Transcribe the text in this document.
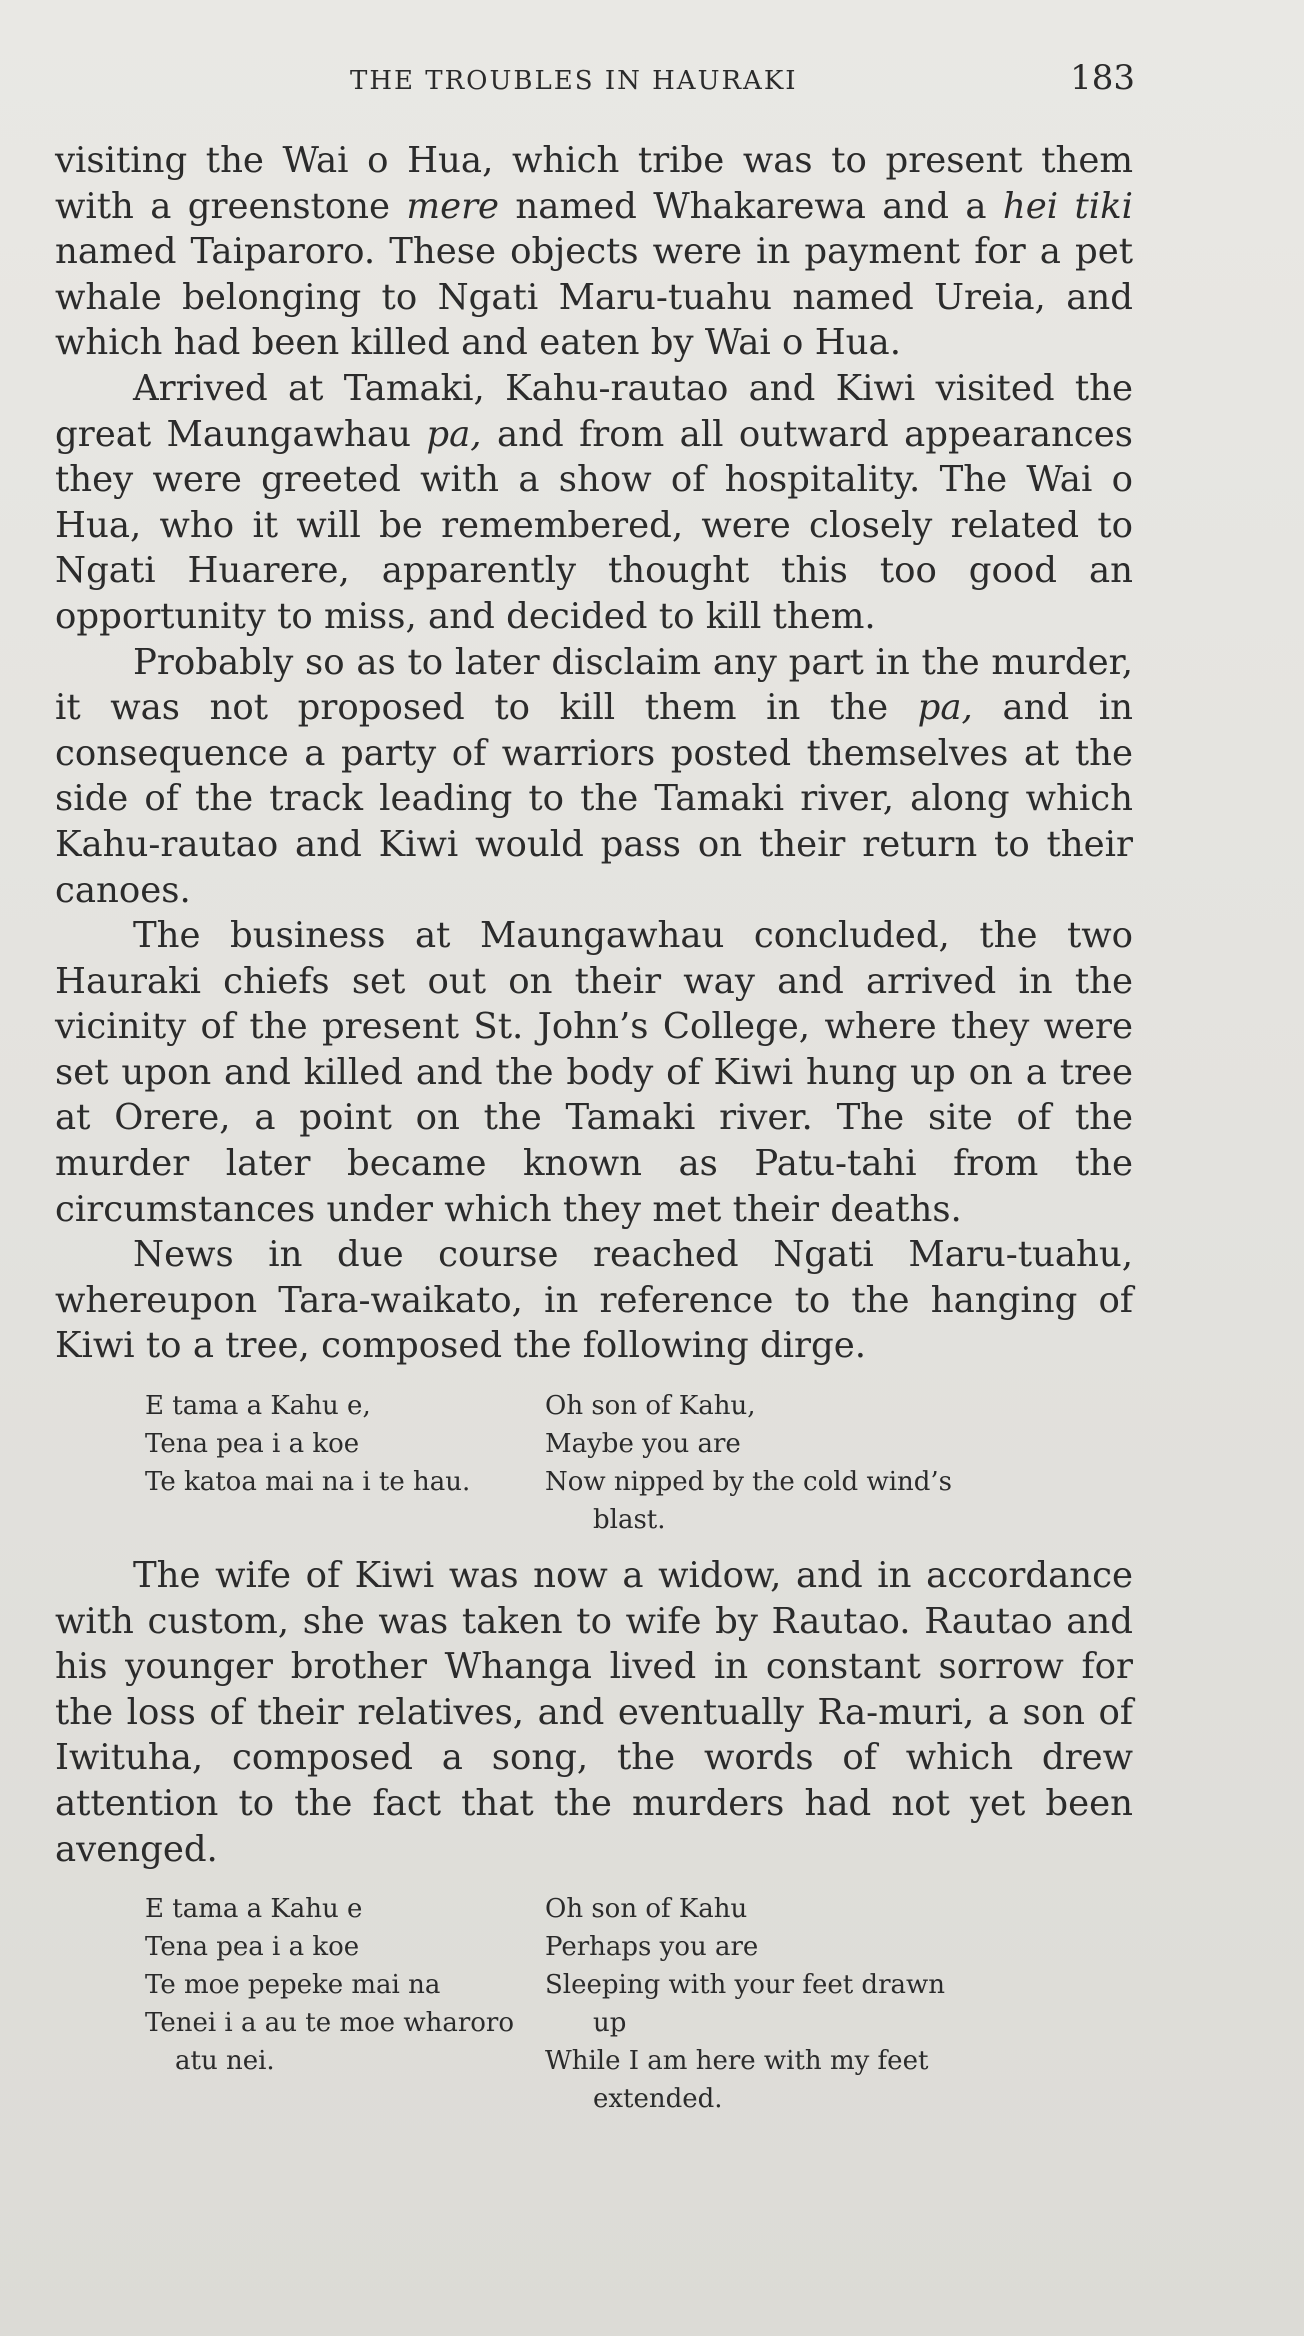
THE TROUBLES IN HAURAKI	183

visiting the Wai o Hua, which tribe was to present them with a greenstone mere named Whakarewa and a hei tiki named Taiparoro. These objects were in payment for a pet whale belonging to Ngati Maru-tuahu named Ureia, and which had been killed and eaten by Wai o Hua.

Arrived at Tamaki, Kahu-rautao and Kiwi visited the great Maungawhau pa, and from all outward appearances they were greeted with a show of hospitality. The Wai o Hua, who it will be remembered, were closely related to Ngati Huarere, apparently thought this too good an opportunity to miss, and decided to kill them.

Probably so as to later disclaim any part in the murder, it was not proposed to kill them in the pa, and in consequence a party of warriors posted themselves at the side of the track leading to the Tamaki river, along which Kahu-rautao and Kiwi would pass on their return to their canoes.

The business at Maungawhau concluded, the two Hauraki chiefs set out on their way and arrived in the vicinity of the present St. John’s College, where they were set upon and killed and the body of Kiwi hung up on a tree at Orere, a point on the Tamaki river. The site of the murder later became known as Patu-tahi from the circumstances under which they met their deaths.

News in due course reached Ngati Maru-tuahu, whereupon Tara-waikato, in reference to the hanging of Kiwi to a tree, composed the following dirge.

E tama a Kahu e,
Tena pea i a koe
Te katoa mai na i te hau.
Oh son of Kahu,
Maybe you are
Now nipped by the cold wind’s
blast.

The wife of Kiwi was now a widow, and in accordance with custom, she was taken to wife by Rautao. Rautao and his younger brother Whanga lived in constant sorrow for the loss of their relatives, and eventually Ra-muri, a son of Iwituha, composed a song, the words of which drew attention to the fact that the murders had not yet been avenged.

E tama a Kahu e
Tena pea i a koe
Te moe pepeke mai na
Tenei i a au te moe wharoro
atu nei.
Oh son of Kahu
Perhaps you are
Sleeping with your feet drawn
up
While I am here with my feet
extended.
